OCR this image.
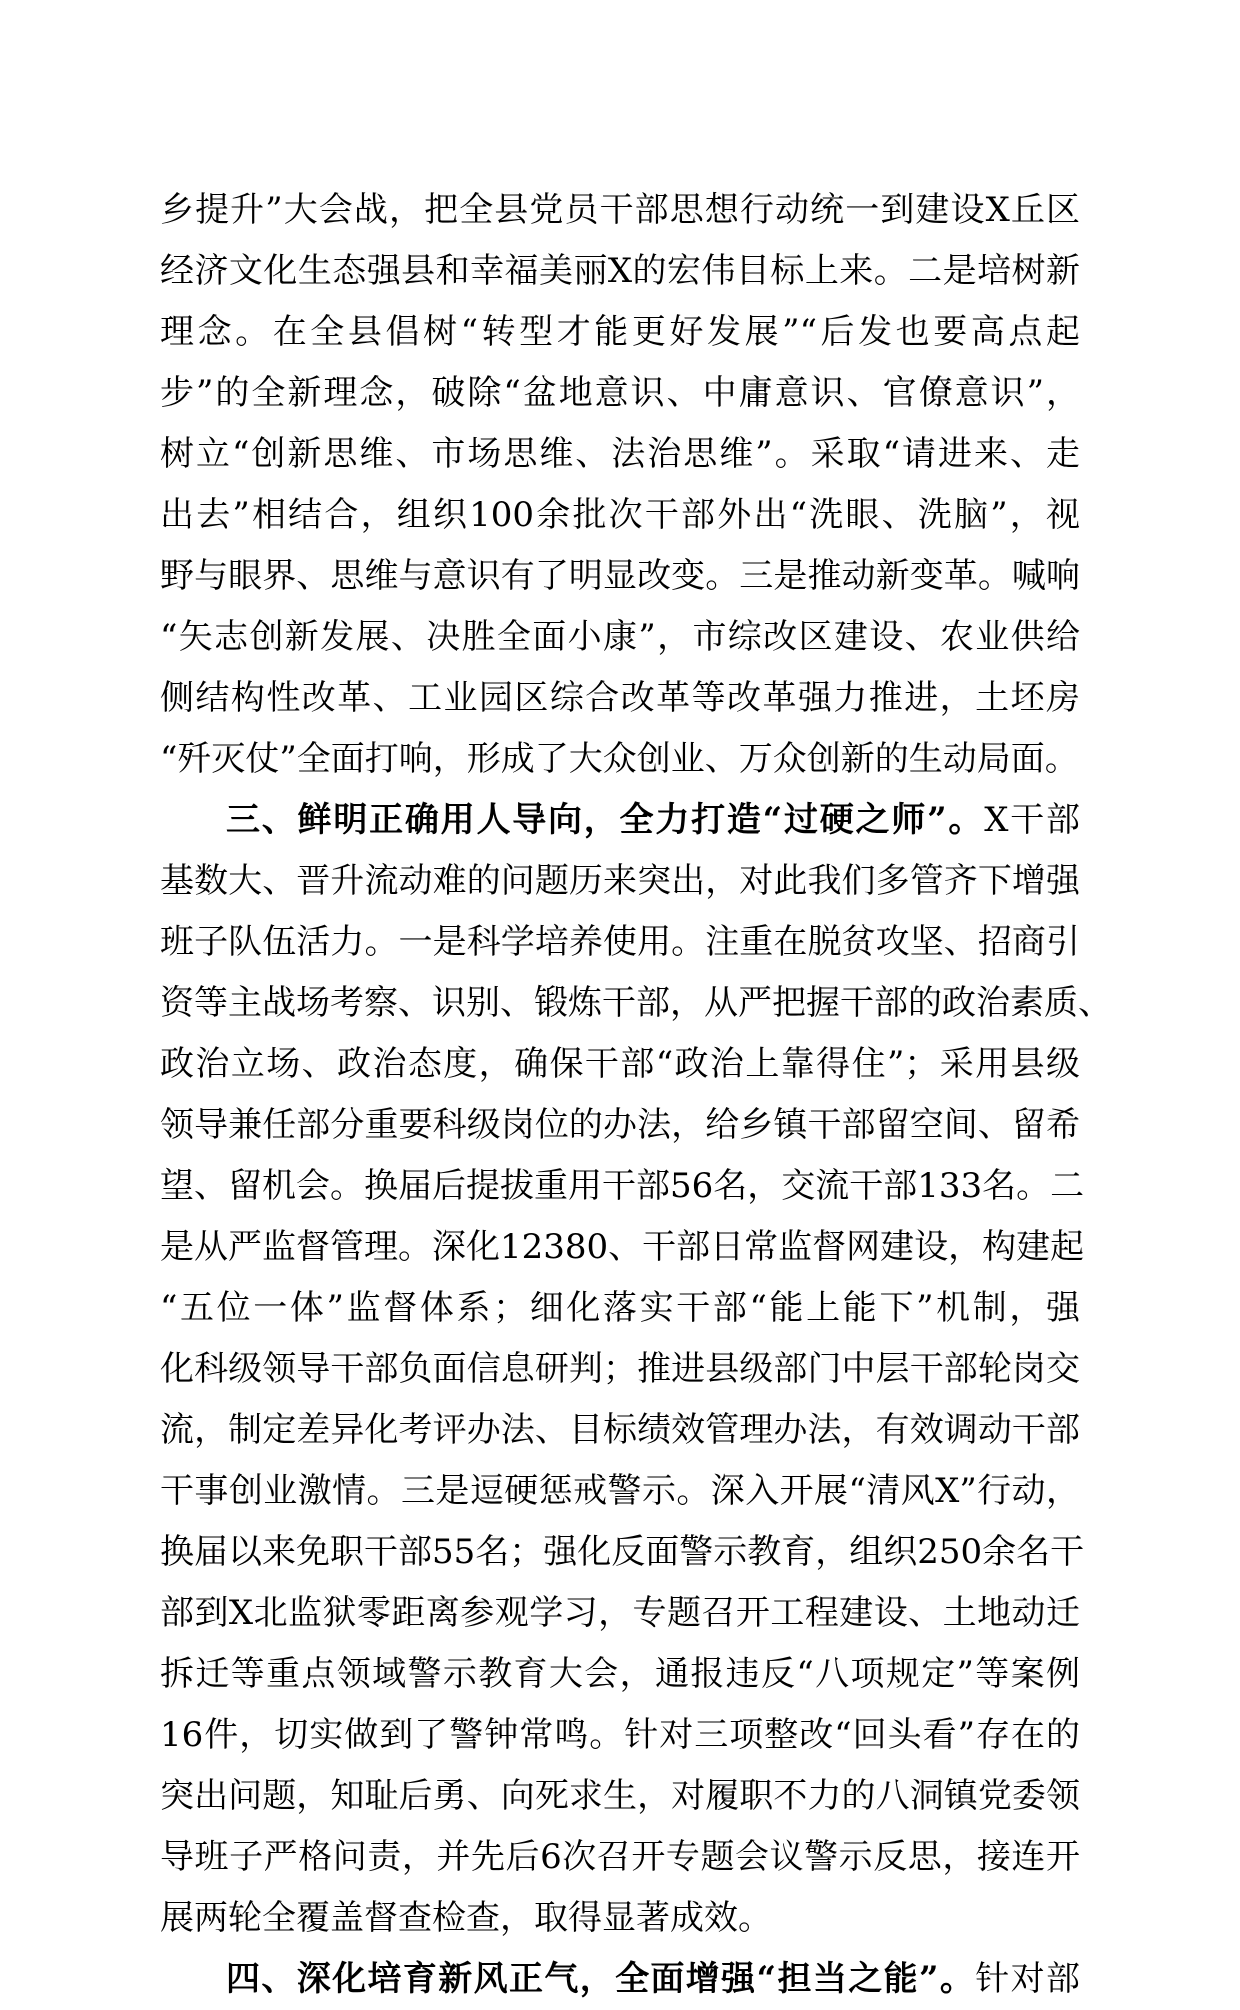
乡提升”大会战，把全县党员干部思想行动统一到建设X丘区
经济文化生态强县和幸福美丽X的宏伟目标上来。二是培树新
理念。在全县倡树“转型才能更好发展”“后发也要高点起
步”的全新理念，破除“盆地意识、中庸意识、官僚意识”，
树立“创新思维、市场思维、法治思维”。采取“请进来、走
出去”相结合，组织100余批次干部外出“洗眼、洗脑”，视
野与眼界、思维与意识有了明显改变。三是推动新变革。喊响
“矢志创新发展、决胜全面小康”，市综改区建设、农业供给
侧结构性改革、工业园区综合改革等改革强力推进，土坯房
“歼灭仗”全面打响，形成了大众创业、万众创新的生动局面。
三、鲜明正确用人导向，全力打造“过硬之师”。X干部
基数大、晋升流动难的问题历来突出，对此我们多管齐下增强
班子队伍活力。一是科学培养使用。注重在脱贫攻坚、招商引
资等主战场考察、识别、锻炼干部，从严把握干部的政治素质、
政治立场、政治态度，确保干部“政治上靠得住”；采用县级
领导兼任部分重要科级岗位的办法，给乡镇干部留空间、留希
望、留机会。换届后提拔重用干部56名，交流干部133名。二
是从严监督管理。深化12380、干部日常监督网建设，构建起
“五位一体”监督体系；细化落实干部“能上能下”机制，强
化科级领导干部负面信息研判；推进县级部门中层干部轮岗交
流，制定差异化考评办法、目标绩效管理办法，有效调动干部
干事创业激情。三是逗硬惩戒警示。深入开展“清风X”行动，
换届以来免职干部55名；强化反面警示教育，组织250余名干
部到X北监狱零距离参观学习，专题召开工程建设、土地动迁
拆迁等重点领域警示教育大会，通报违反“八项规定”等案例
16件，切实做到了警钟常鸣。针对三项整改“回头看”存在的
突出问题，知耻后勇、向死求生，对履职不力的八洞镇党委领
导班子严格问责，并先后6次召开专题会议警示反思，接连开
展两轮全覆盖督查检查，取得显著成效。
四、深化培育新风正气，全面增强“担当之能”。针对部
